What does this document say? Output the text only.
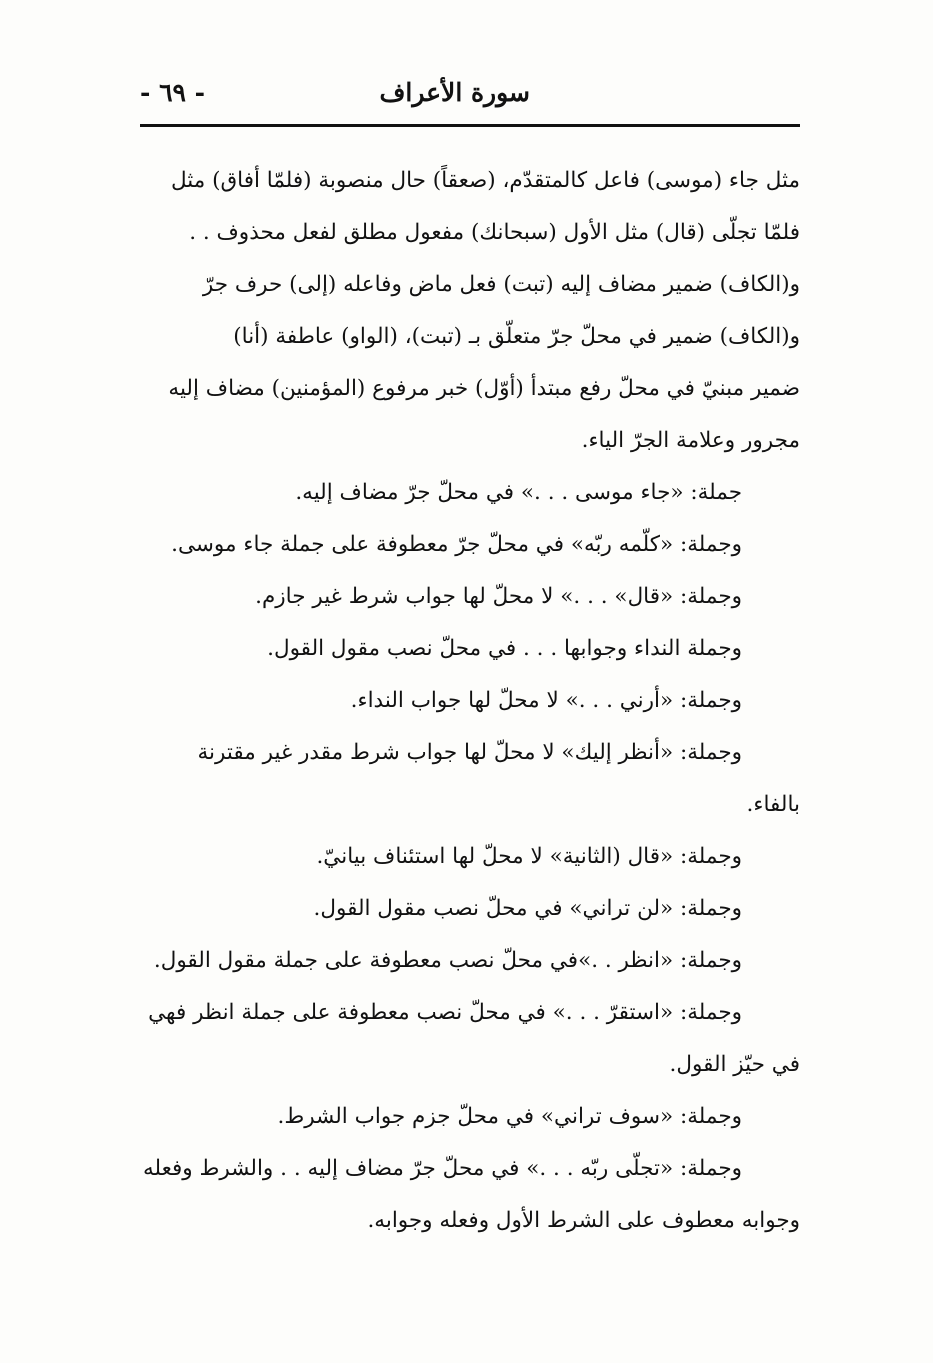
سورة الأعراف
- ٦٩ -
مثل جاء (موسى) فاعل كالمتقدّم، (صعقاً) حال منصوبة (فلمّا أفاق) مثل
فلمّا تجلّى (قال) مثل الأول (سبحانك) مفعول مطلق لفعل محذوف . .
و(الكاف) ضمير مضاف إليه (تبت) فعل ماض وفاعله (إلى) حرف جرّ
و(الكاف) ضمير في محلّ جرّ متعلّق بـ (تبت)، (الواو) عاطفة (أنا)
ضمير مبنيّ في محلّ رفع مبتدأ (أوّل) خبر مرفوع (المؤمنين) مضاف إليه
مجرور وعلامة الجرّ الياء.
جملة: «جاء موسى . . .» في محلّ جرّ مضاف إليه.
وجملة: «كلّمه ربّه» في محلّ جرّ معطوفة على جملة جاء موسى.
وجملة: «قال» . . .» لا محلّ لها جواب شرط غير جازم.
وجملة النداء وجوابها . . . في محلّ نصب مقول القول.
وجملة: «أرني . . .» لا محلّ لها جواب النداء.
وجملة: «أنظر إليك» لا محلّ لها جواب شرط مقدر غير مقترنة
بالفاء.
وجملة: «قال (الثانية» لا محلّ لها استئناف بيانيّ.
وجملة: «لن تراني» في محلّ نصب مقول القول.
وجملة: «انظر . .»في محلّ نصب معطوفة على جملة مقول القول.
وجملة: «استقرّ . . .» في محلّ نصب معطوفة على جملة انظر فهي
في حيّز القول.
وجملة: «سوف تراني» في محلّ جزم جواب الشرط.
وجملة: «تجلّى ربّه . . .» في محلّ جرّ مضاف إليه . . والشرط وفعله
وجوابه معطوف على الشرط الأول وفعله وجوابه.
